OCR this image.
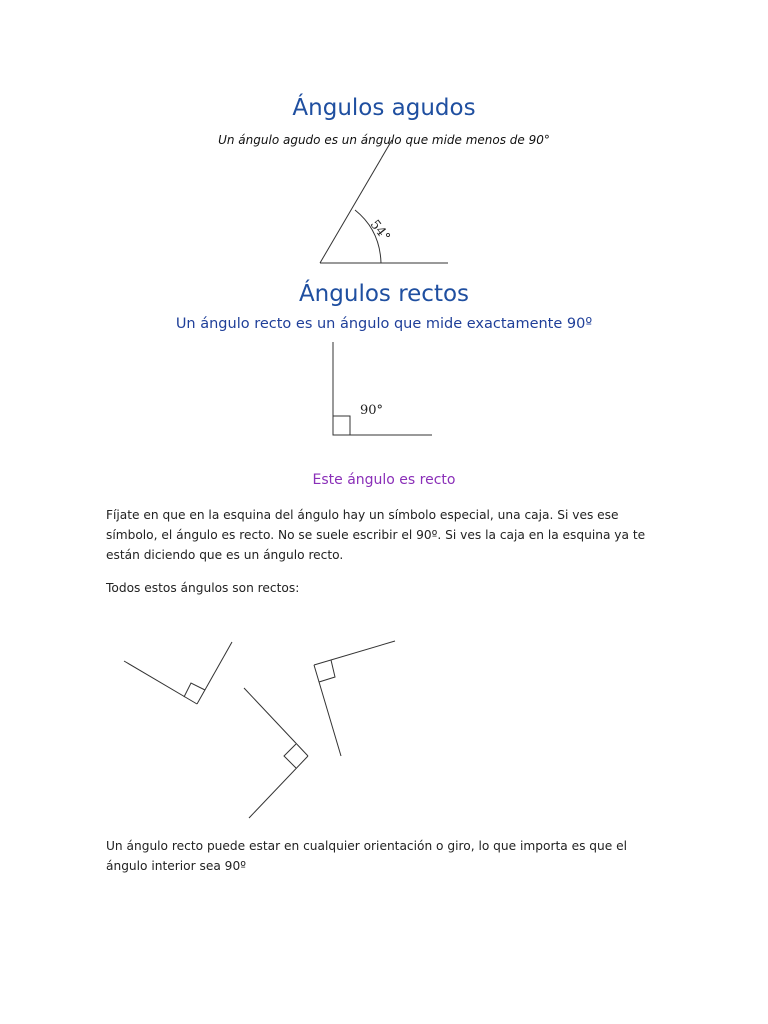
Ángulos agudos
Un ángulo agudo es un ángulo que mide menos de 90°
54°
90°
Ángulos rectos
Un ángulo recto es un ángulo que mide exactamente 90º
Este ángulo es recto

Fíjate en que en la esquina del ángulo hay un símbolo especial, una caja. Si ves ese símbolo, el ángulo es recto. No se suele escribir el 90º. Si ves la caja en la esquina ya te están diciendo que es un ángulo recto.

Todos estos ángulos son rectos:

Un ángulo recto puede estar en cualquier orientación o giro, lo que importa es que el ángulo interior sea 90º
